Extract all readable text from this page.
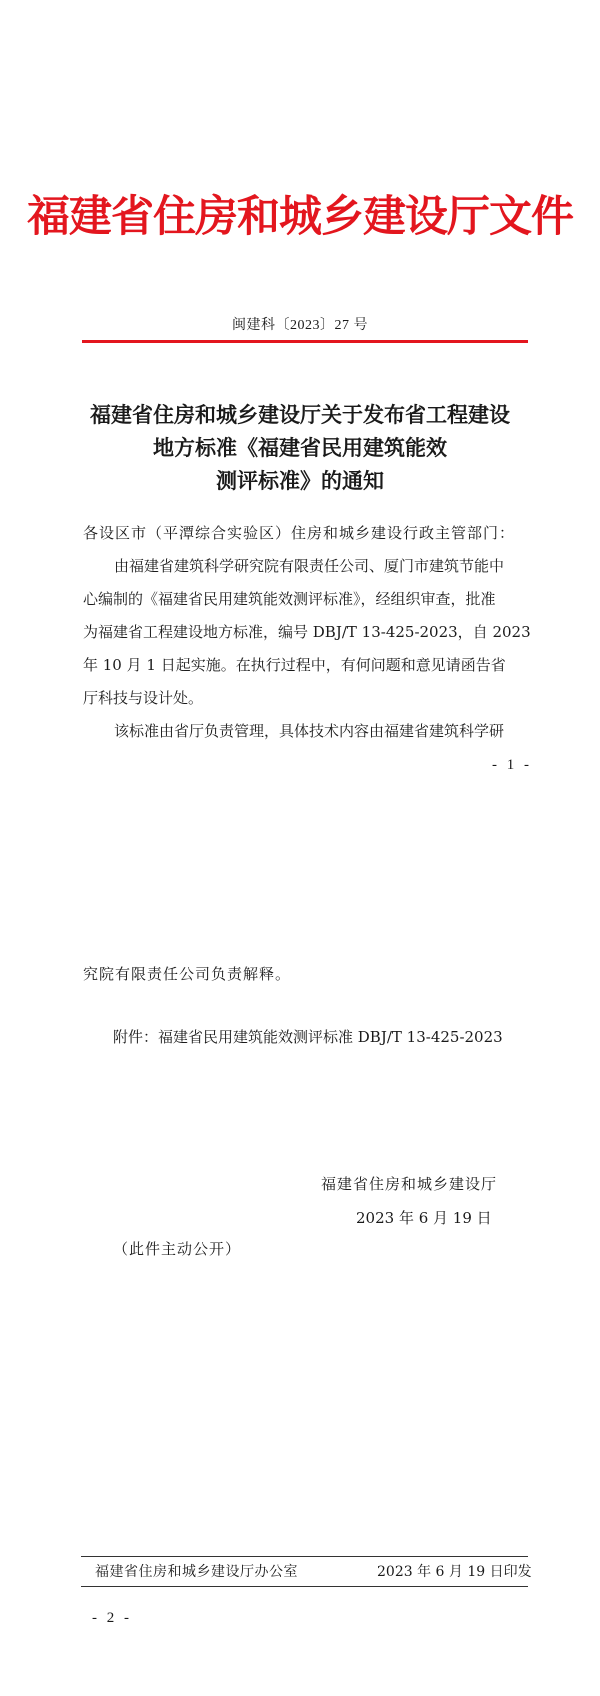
福建省住房和城乡建设厅文件
闽建科〔2023〕27 号
福建省住房和城乡建设厅关于发布省工程建设
地方标准《福建省民用建筑能效
测评标准》的通知
各设区市（平潭综合实验区）住房和城乡建设行政主管部门：
由福建省建筑科学研究院有限责任公司、厦门市建筑节能中
心编制的《福建省民用建筑能效测评标准》，经组织审查，批准
为福建省工程建设地方标准，编号 DBJ/T 13-425-2023，自 2023
年 10 月 1 日起实施。在执行过程中，有何问题和意见请函告省
厅科技与设计处。
该标准由省厅负责管理，具体技术内容由福建省建筑科学研
- 1 -
究院有限责任公司负责解释。
附件：福建省民用建筑能效测评标准 DBJ/T 13-425-2023
福建省住房和城乡建设厅
2023 年 6 月 19 日
（此件主动公开）
福建省住房和城乡建设厅办公室	2023 年 6 月 19 日印发
- 2 -
